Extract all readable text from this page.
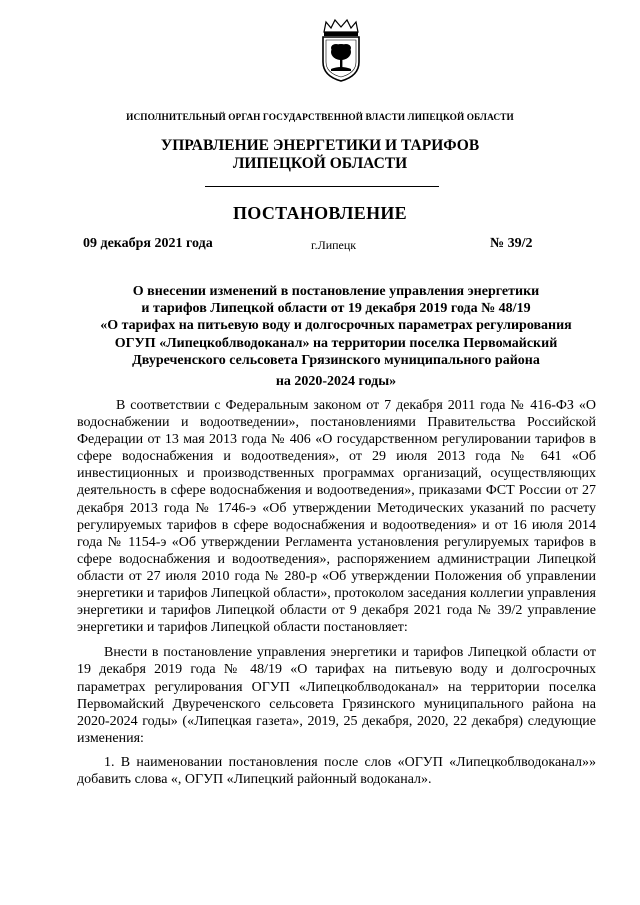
ИСПОЛНИТЕЛЬНЫЙ ОРГАН ГОСУДАРСТВЕННОЙ ВЛАСТИ ЛИПЕЦКОЙ ОБЛАСТИ
УПРАВЛЕНИЕ ЭНЕРГЕТИКИ И ТАРИФОВ
ЛИПЕЦКОЙ ОБЛАСТИ
ПОСТАНОВЛЕНИЕ
09 декабря 2021 года	г.Липецк	№ 39/2
О внесении изменений в постановление управления энергетики
и тарифов Липецкой области от 19 декабря 2019 года № 48/19
«О тарифах на питьевую воду и долгосрочных параметрах регулирования
ОГУП «Липецкоблводоканал» на территории поселка Первомайский
Двуреченского сельсовета Грязинского муниципального района
на 2020-2024 годы»

В соответствии с Федеральным законом от 7 декабря 2011 года № 416-ФЗ «О водоснабжении и водоотведении», постановлениями Правительства Российской Федерации от 13 мая 2013 года № 406 «О государственном регулировании тарифов в сфере водоснабжения и водоотведения», от 29 июля 2013 года № 641 «Об инвестиционных и производственных программах организаций, осуществляющих деятельность в сфере водоснабжения и водоотведения», приказами ФСТ России от 27 декабря 2013 года № 1746-э «Об утверждении Методических указаний по расчету регулируемых тарифов в сфере водоснабжения и водоотведения» и от 16 июля 2014 года № 1154-э «Об утверждении Регламента установления регулируемых тарифов в сфере водоснабжения и водоотведения», распоряжением администрации Липецкой области от 27 июля 2010 года № 280-р «Об утверждении Положения об управлении энергетики и тарифов Липецкой области», протоколом заседания коллегии управления энергетики и тарифов Липецкой области от 9 декабря 2021 года № 39/2 управление энергетики и тарифов Липецкой области постановляет:

Внести в постановление управления энергетики и тарифов Липецкой области от 19 декабря 2019 года № 48/19 «О тарифах на питьевую воду и долгосрочных параметрах регулирования ОГУП «Липецкоблводоканал» на территории поселка Первомайский Двуреченского сельсовета Грязинского муниципального района на 2020-2024 годы» («Липецкая газета», 2019, 25 декабря, 2020, 22 декабря) следующие изменения:

1. В наименовании постановления после слов «ОГУП «Липецкоблводоканал»» добавить слова «, ОГУП «Липецкий районный водоканал».
